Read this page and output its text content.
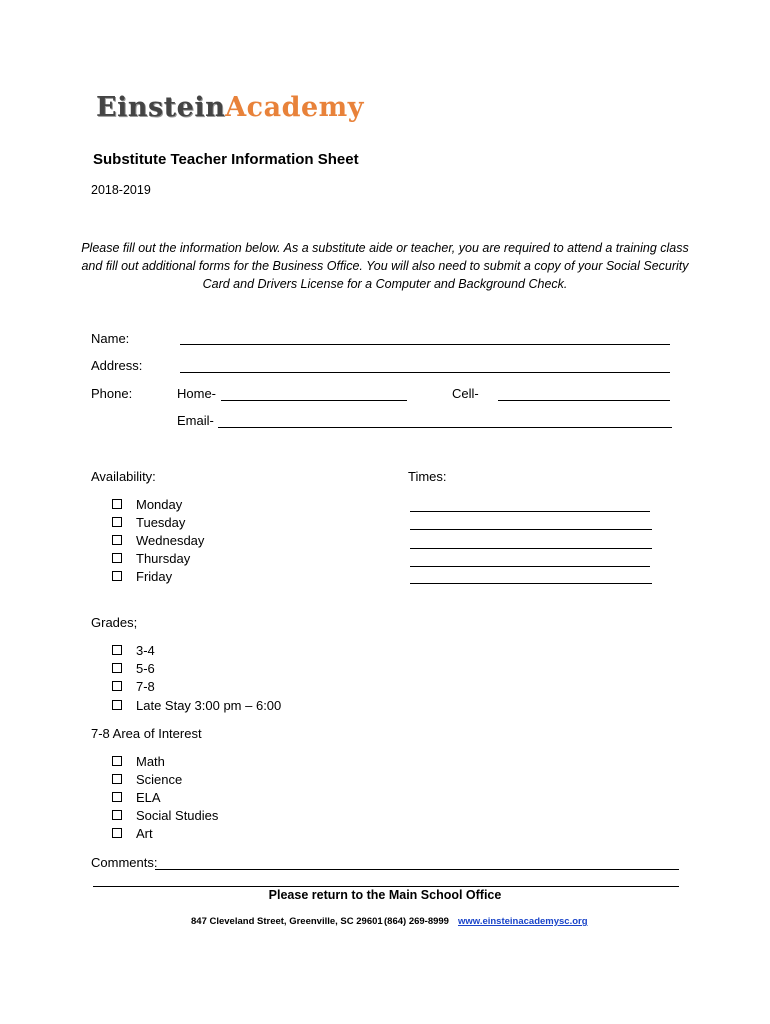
EinsteinAcademy
Substitute Teacher Information Sheet
2018-2019
Please fill out the information below. As a substitute aide or teacher, you are required to attend a training class and fill out additional forms for the Business Office. You will also need to submit a copy of your Social Security Card and Drivers License for a Computer and Background Check.
Name:
Address:
Phone:	Home-	Cell-
Email-
Availability:	Times:
Monday
Tuesday
Wednesday
Thursday
Friday
Grades;
3-4
5-6
7-8
Late Stay 3:00 pm – 6:00
7-8 Area of Interest
Math
Science
ELA
Social Studies
Art
Comments:
Please return to the Main School Office
847 Cleveland Street, Greenville, SC 29601 (864) 269-8999 www.einsteinacademysc.org
